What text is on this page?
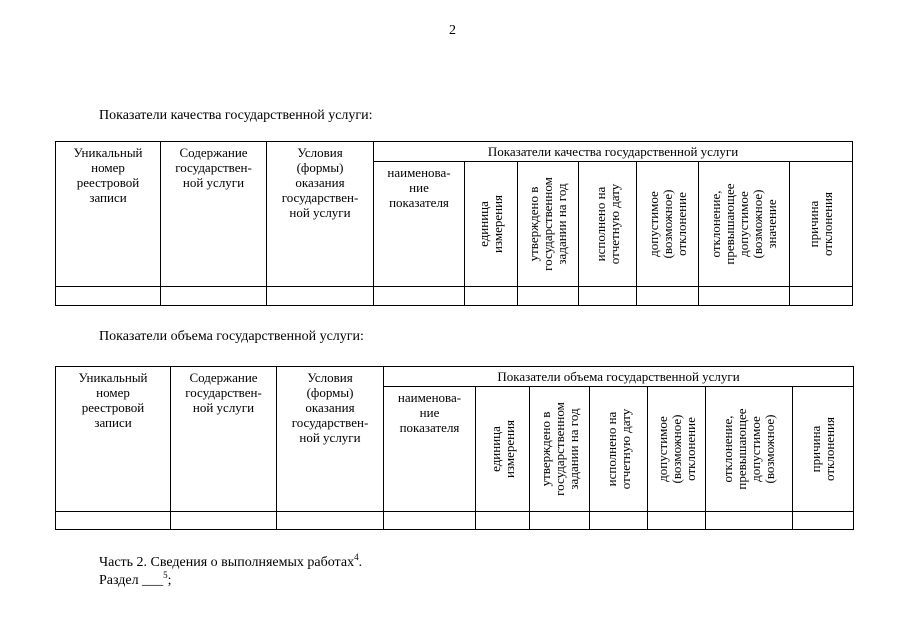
2
Показатели качества государственной услуги:
Уникальный
номер
реестровой
записи	Содержание
государствен-
ной услуги	Условия
(формы)
оказания
государствен-
ной услуги	Показатели качества государственной услуги						
			наименова-
ние
показателя	единица
измерения	утверждено в
государственном
задании на год	исполнено на
отчетную дату	допустимое
(возможное)
отклонение	отклонение,
превышающее
допустимое
(возможное)
значение	причина
отклонения

Показатели объема государственной услуги:
Уникальный
номер
реестровой
записи	Содержание
государствен-
ной услуги	Условия
(формы)
оказания
государствен-
ной услуги	Показатели объема государственной услуги						
			наименова-
ние
показателя	единица
измерения	утверждено в
государственном
задании на год	исполнено на
отчетную дату	допустимое
(возможное)
отклонение	отклонение,
превышающее
допустимое
(возможное)	причина
отклонения

Часть 2. Сведения о выполняемых работах$^4$.
Раздел ___$^5$;
